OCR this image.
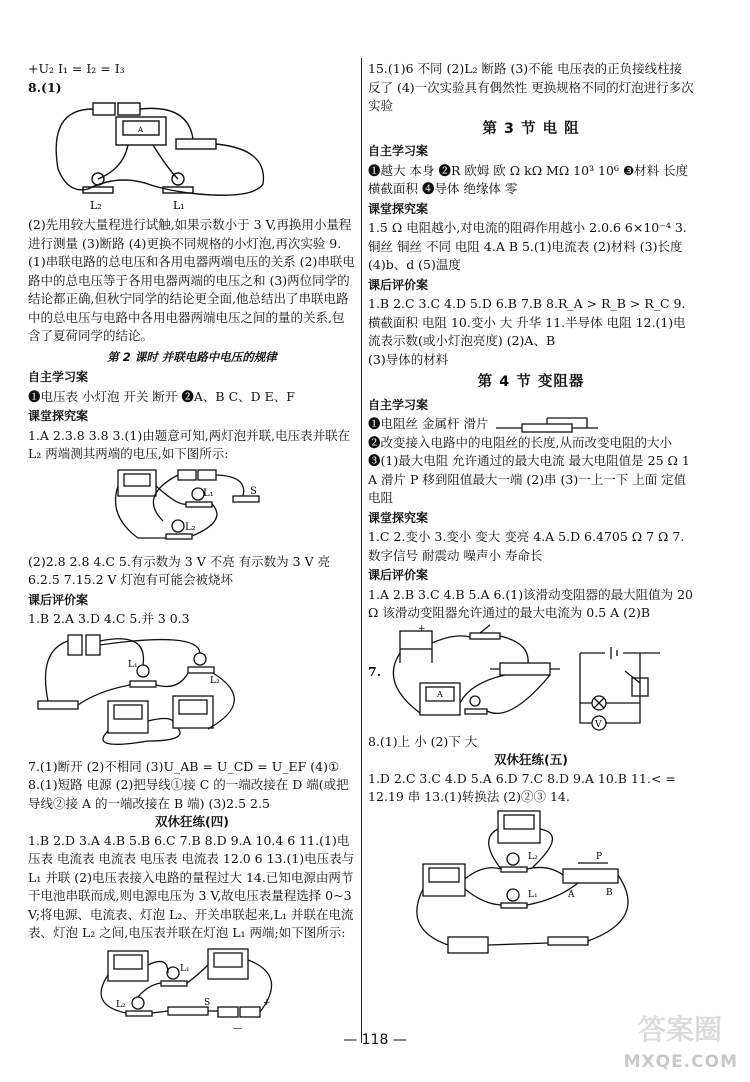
+U₂ I₁ = I₂ = I₃

8.(1)

A
L₂	L₁

(2)先用较大量程进行试触,如果示数小于 3 V,再换用小量程进行测量 (3)断路 (4)更换不同规格的小灯泡,再次实验 9.(1)串联电路的总电压和各用电器两端电压的关系 (2)串联电路中的总电压等于各用电器两端的电压之和 (3)两位同学的结论都正确,但秋宁同学的结论更全面,他总结出了串联电路中的总电压与电路中各用电器两端电压之间的量的关系,包含了夏荷同学的结论。

第 2 课时 并联电路中电压的规律

自主学习案

❶电压表 小灯泡 开关 断开 ❷A、B C、D E、F

课堂探究案

1.A 2.3.8 3.8 3.(1)由题意可知,两灯泡并联,电压表并联在 L₂ 两端测其两端的电压,如下图所示:

L₁	S
L₂

(2)2.8 2.8 4.C 5.有示数为 3 V 不亮 有示数为 3 V 亮 6.2.5 7.15.2 V 灯泡有可能会被烧坏

课后评价案

1.B 2.A 3.D 4.C 5.并 3 0.3

L₁
L₂

7.(1)断开 (2)不相同 (3)U_AB = U_CD = U_EF (4)①

8.(1)短路 电源 (2)把导线①接 C 的一端改接在 D 端(或把导线②接 A 的一端改接在 B 端) (3)2.5 2.5

双休狂练(四)

1.B 2.D 3.A 4.B 5.B 6.C 7.B 8.D 9.A 10.4 6 11.(1)电压表 电流表 电流表 电压表 电流表 12.0 6 13.(1)电压表与 L₁ 并联 (2)电压表接入电路的量程过大 14.已知电源由两节干电池串联而成,则电源电压为 3 V,故电压表量程选择 0~3 V;将电源、电流表、灯泡 L₂、开关串联起来,L₁ 并联在电流表、灯泡 L₂ 之间,电压表并联在灯泡 L₁ 两端;如下图所示:

L₁
L₂	S
—
+

15.(1)6 不同 (2)L₂ 断路 (3)不能 电压表的正负接线柱接反了 (4)一次实验具有偶然性 更换规格不同的灯泡进行多次实验

第 3 节 电 阻

自主学习案

❶越大 本身 ❷R 欧姆 欧 Ω kΩ MΩ 10³ 10⁶ ❸材料 长度 横截面积 ❹导体 绝缘体 零

课堂探究案

1.5 Ω 电阻越小,对电流的阻碍作用越小 2.0.6 6×10⁻⁴ 3.铜丝 铜丝 不同 电阻 4.A B 5.(1)电流表 (2)材料 (3)长度 (4)b、d (5)温度

课后评价案

1.B 2.C 3.C 4.D 5.D 6.B 7.B 8.R_A > R_B > R_C 9.横截面积 电阻 10.变小 大 升华 11.半导体 电阻 12.(1)电流表示数(或小灯泡亮度) (2)A、B

(3)导体的材料

第 4 节 变阻器

自主学习案

❶电阻丝 金属杆 滑片

❷改变接入电路中的电阻丝的长度,从而改变电阻的大小 ❸(1)最大电阻 允许通过的最大电流 最大电阻值是 25 Ω 1 A 滑片 P 移到阻值最大一端 (2)串 (3)一上一下 上面 定值电阻

课堂探究案

1.C 2.变小 3.变小 变大 变亮 4.A 5.D 6.4705 Ω 7 Ω 7.数字信号 耐震动 噪声小 寿命长

课后评价案

1.A 2.B 3.C 4.B 5.A 6.(1)该滑动变阻器的最大阻值为 20 Ω 该滑动变阻器允许通过的最大电流为 0.5 A (2)B

7.
+
A
V

8.(1)上 小 (2)下 大

双休狂练(五)

1.D 2.C 3.C 4.D 5.A 6.D 7.C 8.D 9.A 10.B 11.< = 12.19 串 13.(1)转换法 (2)②③ 14.

L₂
L₁
P
A	B
— 118 —	答案圈
MXQE.COM
